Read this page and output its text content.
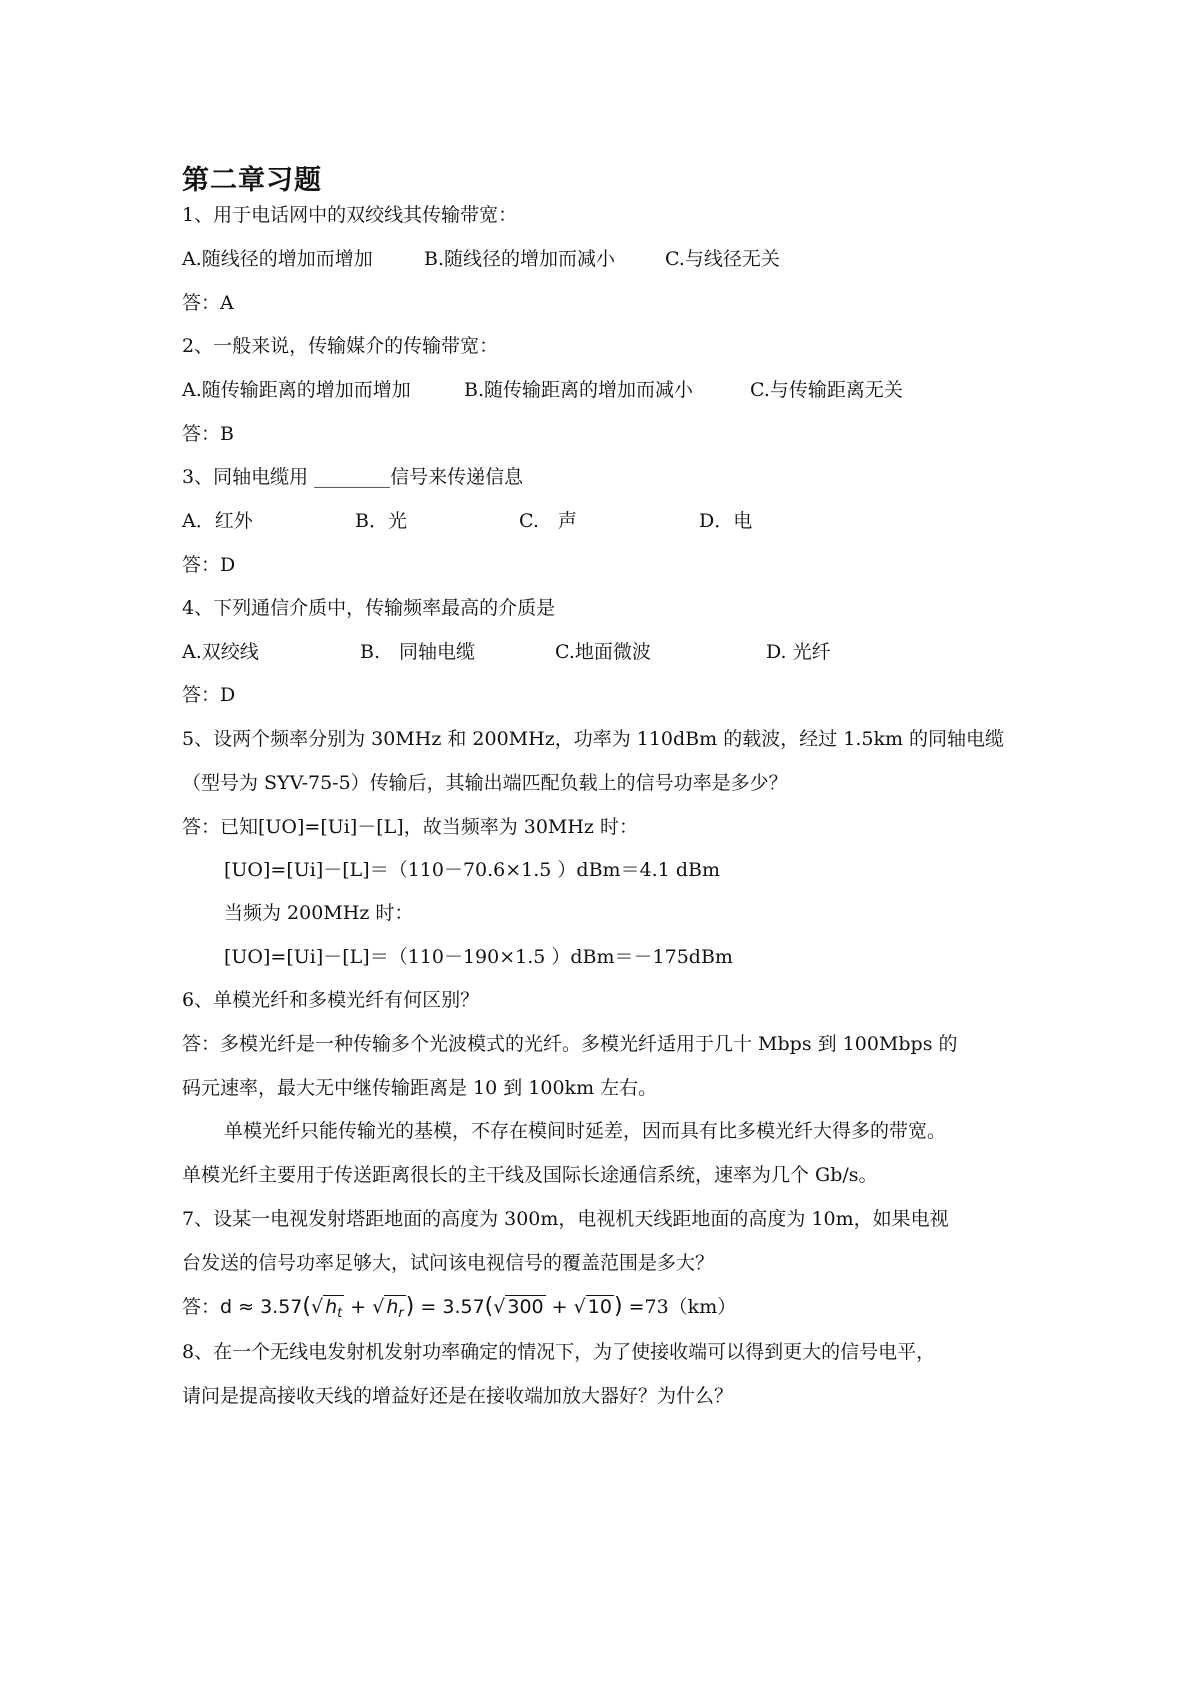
第二章习题
1、用于电话网中的双绞线其传输带宽：
A.随线径的增加而增加	B.随线径的增加而减小	C.与线径无关
答：A
2、一般来说，传输媒介的传输带宽：
A.随传输距离的增加而增加	B.随传输距离的增加而减小	C.与传输距离无关
答：B
3、同轴电缆用 ________信号来传递信息
A．红外	B．光	C.　声	D．电
答：D
4、下列通信介质中，传输频率最高的介质是
A.双绞线	B.　同轴电缆	C.地面微波	D. 光纤
答：D
5、设两个频率分别为 30MHz 和 200MHz，功率为 110dBm 的载波，经过 1.5km 的同轴电缆
（型号为 SYV-75-5）传输后，其输出端匹配负载上的信号功率是多少？
答：已知[UO]=[Ui]－[L]，故当频率为 30MHz 时：
[UO]=[Ui]－[L]＝（110－70.6×1.5 ）dBm＝4.1 dBm
当频为 200MHz 时：
[UO]=[Ui]－[L]＝（110－190×1.5 ）dBm＝－175dBm
6、单模光纤和多模光纤有何区别？
答：多模光纤是一种传输多个光波模式的光纤。多模光纤适用于几十 Mbps 到 100Mbps 的
码元速率，最大无中继传输距离是 10 到 100km 左右。
单模光纤只能传输光的基模，不存在模间时延差，因而具有比多模光纤大得多的带宽。
单模光纤主要用于传送距离很长的主干线及国际长途通信系统，速率为几个 Gb/s。
7、设某一电视发射塔距地面的高度为 300m，电视机天线距地面的高度为 10m，如果电视
台发送的信号功率足够大，试问该电视信号的覆盖范围是多大？
答：d ≈ 3.57(√ $h_t$ + √ $h_r) = 3.57(√$ 300 + √ 10) =73（km）
8、在一个无线电发射机发射功率确定的情况下，为了使接收端可以得到更大的信号电平，
请问是提高接收天线的增益好还是在接收端加放大器好？为什么？
